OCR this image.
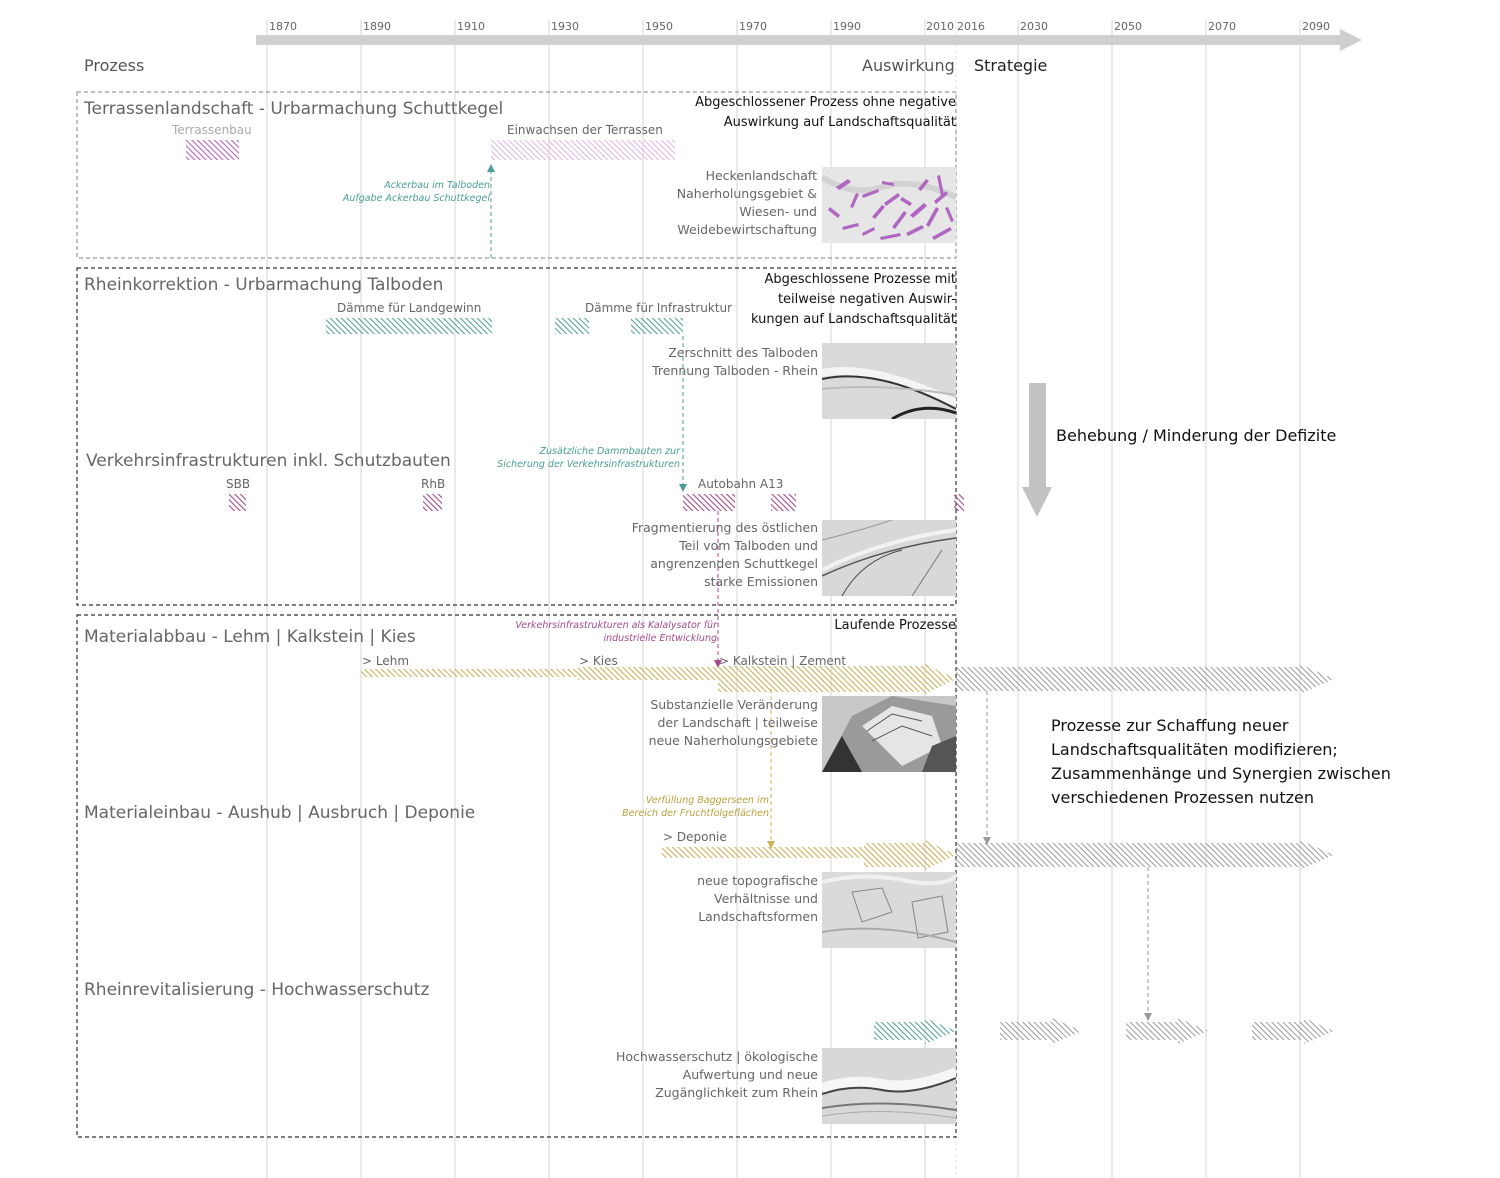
1870	1890	1910	1930	1950	1970	1990	2010 2016	2030	2050	2070	2090
Prozess	Auswirkung Strategie
Terrassenlandschaft - Urbarmachung Schuttkegel	Abgeschlossener Prozess ohne negative
Auswirkung auf Landschaftsqualität
Terrassenbau	Einwachsen der Terrassen
Ackerbau im Talboden
Aufgabe Ackerbau Schuttkegel
Heckenlandschaft
Naherholungsgebiet &
Wiesen- und
Weidebewirtschaftung
Rheinkorrektion - Urbarmachung Talboden	Abgeschlossene Prozesse mit
teilweise negativen Auswir-
kungen auf Landschaftsqualität
Dämme für Landgewinn	Dämme für Infrastruktur
Zerschnitt des Talboden
Trennung Talboden - Rhein
Zusätzliche Dammbauten zur
Sicherung der Verkehrsinfrastrukturen
Verkehrsinfrastrukturen inkl. Schutzbauten
SBB	RhB	Autobahn A13
Fragmentierung des östlichen
Teil vom Talboden und
angrenzenden Schuttkegel
starke Emissionen
Verkehrsinfrastrukturen als Kalalysator für
industrielle Entwicklung
Laufende Prozesse
Materialabbau - Lehm | Kalkstein | Kies
> Lehm	> Kies	> Kalkstein | Zement
Substanzielle Veränderung
der Landschaft | teilweise
neue Naherholungsgebiete
Verfüllung Baggerseen im
Bereich der Fruchtfolgeflächen
Materialeinbau - Aushub | Ausbruch | Deponie
> Deponie
neue topografische
Verhältnisse und
Landschaftsformen
Rheinrevitalisierung - Hochwasserschutz
Hochwasserschutz | ökologische
Aufwertung und neue
Zugänglichkeit zum Rhein
Behebung / Minderung der Defizite
Prozesse zur Schaffung neuer
Landschaftsqualitäten modifizieren;
Zusammenhänge und Synergien zwischen
verschiedenen Prozessen nutzen
